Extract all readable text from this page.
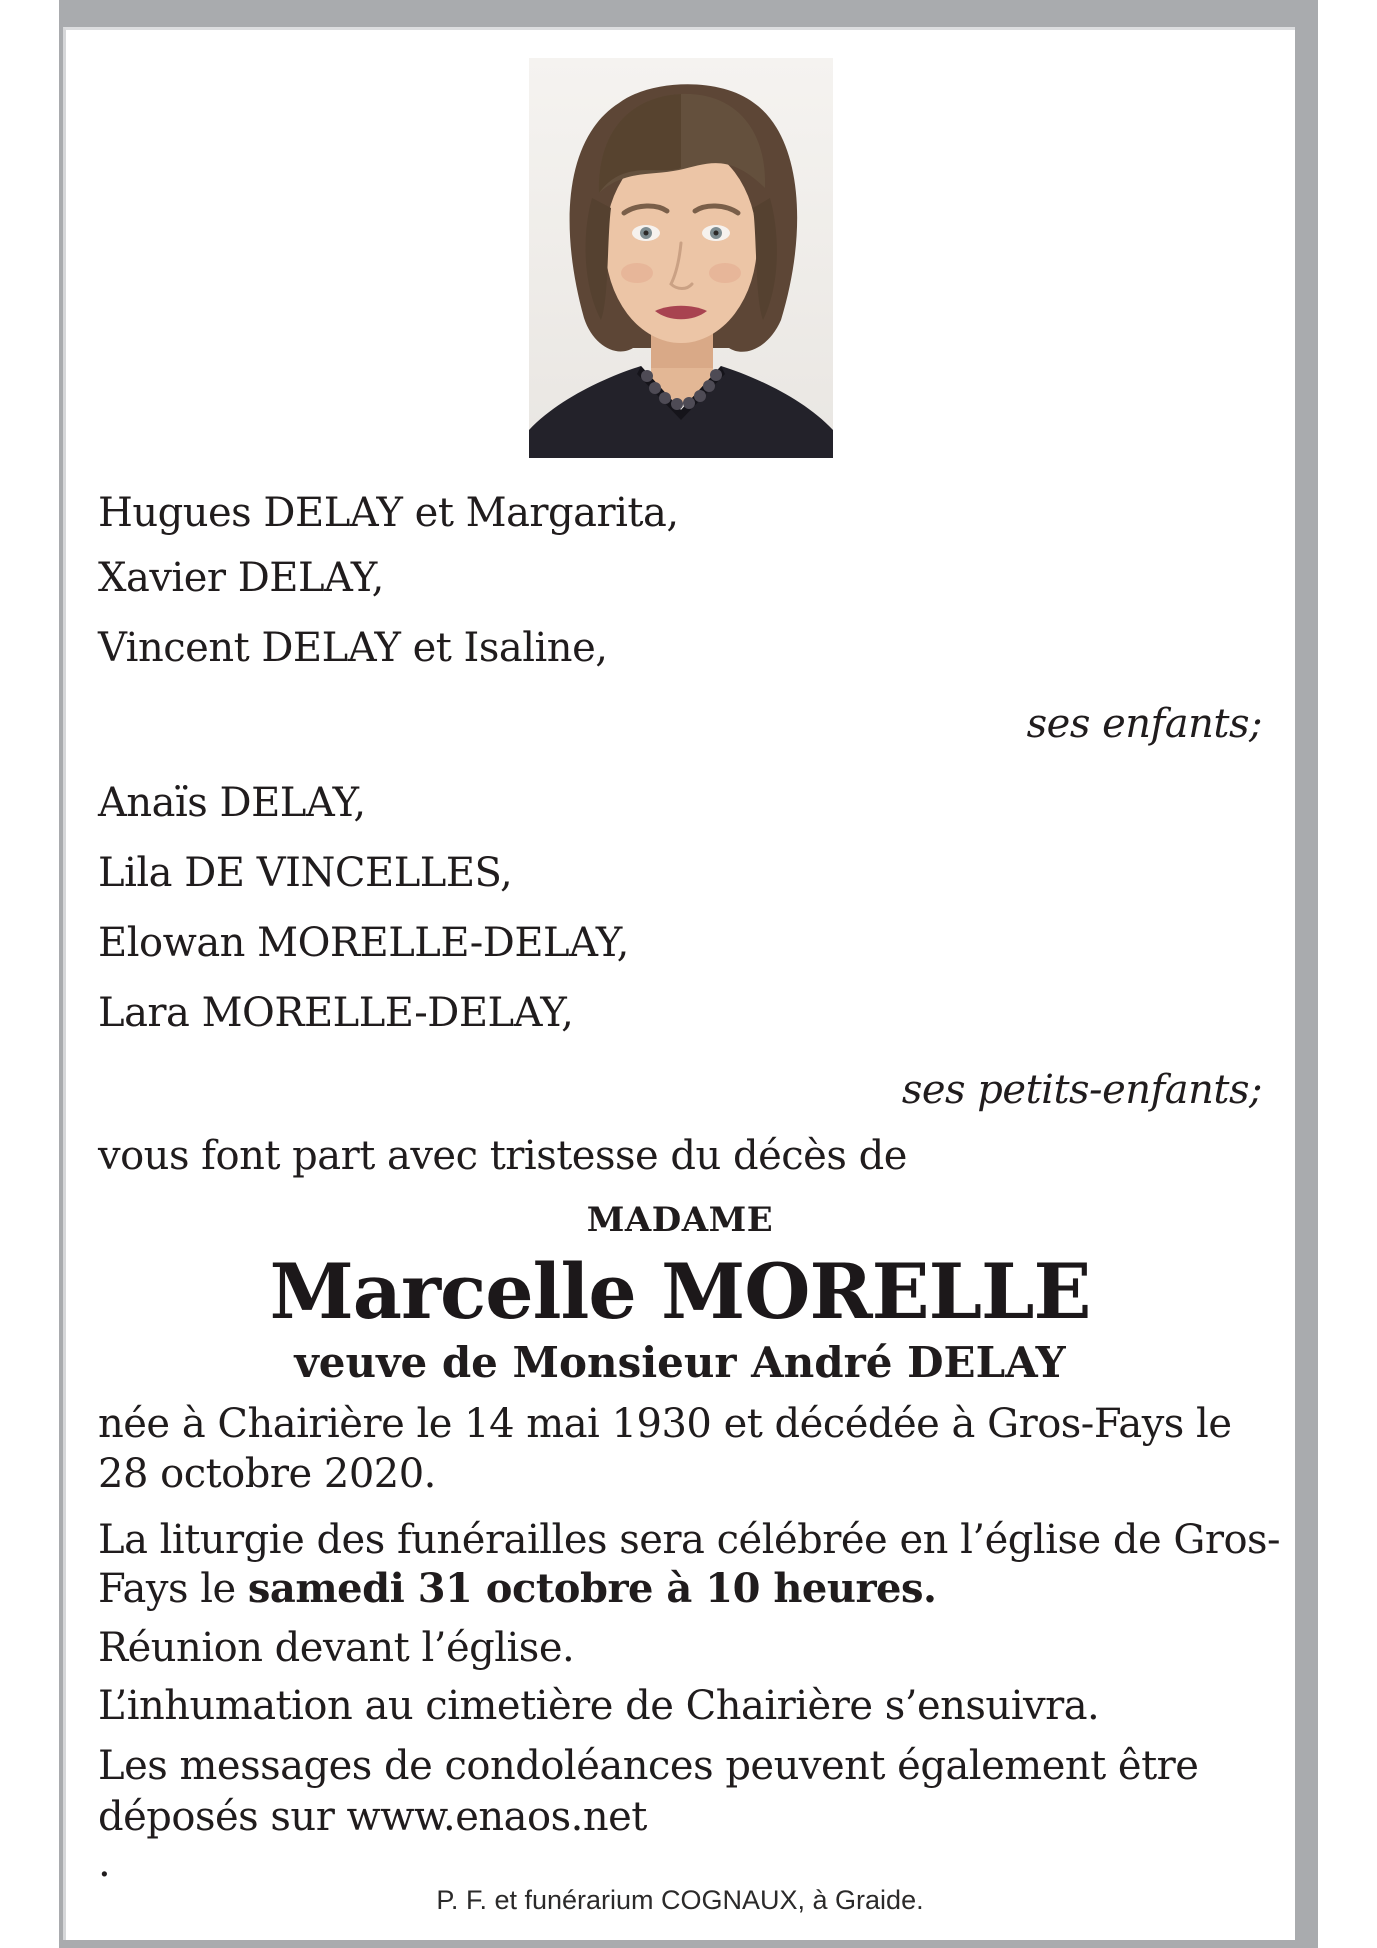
Hugues DELAY et Margarita,
Xavier DELAY,
Vincent DELAY et Isaline,
ses enfants;
Anaïs DELAY,
Lila DE VINCELLES,
Elowan MORELLE-DELAY,
Lara MORELLE-DELAY,
ses petits-enfants;
vous font part avec tristesse du décès de
MADAME
Marcelle MORELLE
veuve de Monsieur André DELAY
née à Chairière le 14 mai 1930 et décédée à Gros-Fays le
28 octobre 2020.
La liturgie des funérailles sera célébrée en l’église de Gros-
Fays le samedi 31 octobre à 10 heures.
Réunion devant l’église.
L’inhumation au cimetière de Chairière s’ensuivra.
Les messages de condoléances peuvent également être
déposés sur www.enaos.net
.
P. F. et funérarium COGNAUX, à Graide.
